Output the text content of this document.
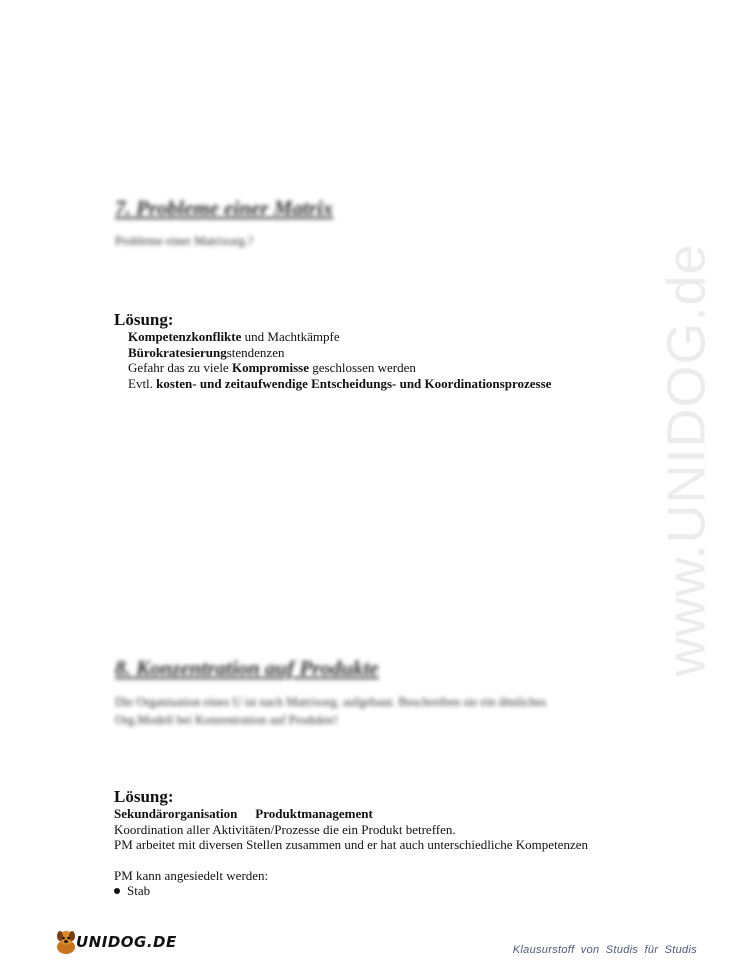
www.UNIDOG.de
7. Probleme einer Matrix
Probleme einer Matrixorg.?
Lösung:
Kompetenzkonflikte und Machtkämpfe
Bürokratesierungstendenzen
Gefahr das zu viele Kompromisse geschlossen werden
Evtl. kosten- und zeitaufwendige Entscheidungs- und Koordinationsprozesse
8. Konzentration auf Produkte
Die Organisation eines U ist nach Matrixorg. aufgebaut. Beschreiben sie ein ähnliches
Org.Modell bei Konzentration auf Produkte!
Lösung:
Sekundärorganisation Produktmanagement
Koordination aller Aktivitäten/Prozesse die ein Produkt betreffen.
PM arbeitet mit diversen Stellen zusammen und er hat auch unterschiedliche Kompetenzen
PM kann angesiedelt werden:
Stab
UNIDOG.DE	Klausurstoff von Studis für Studis
